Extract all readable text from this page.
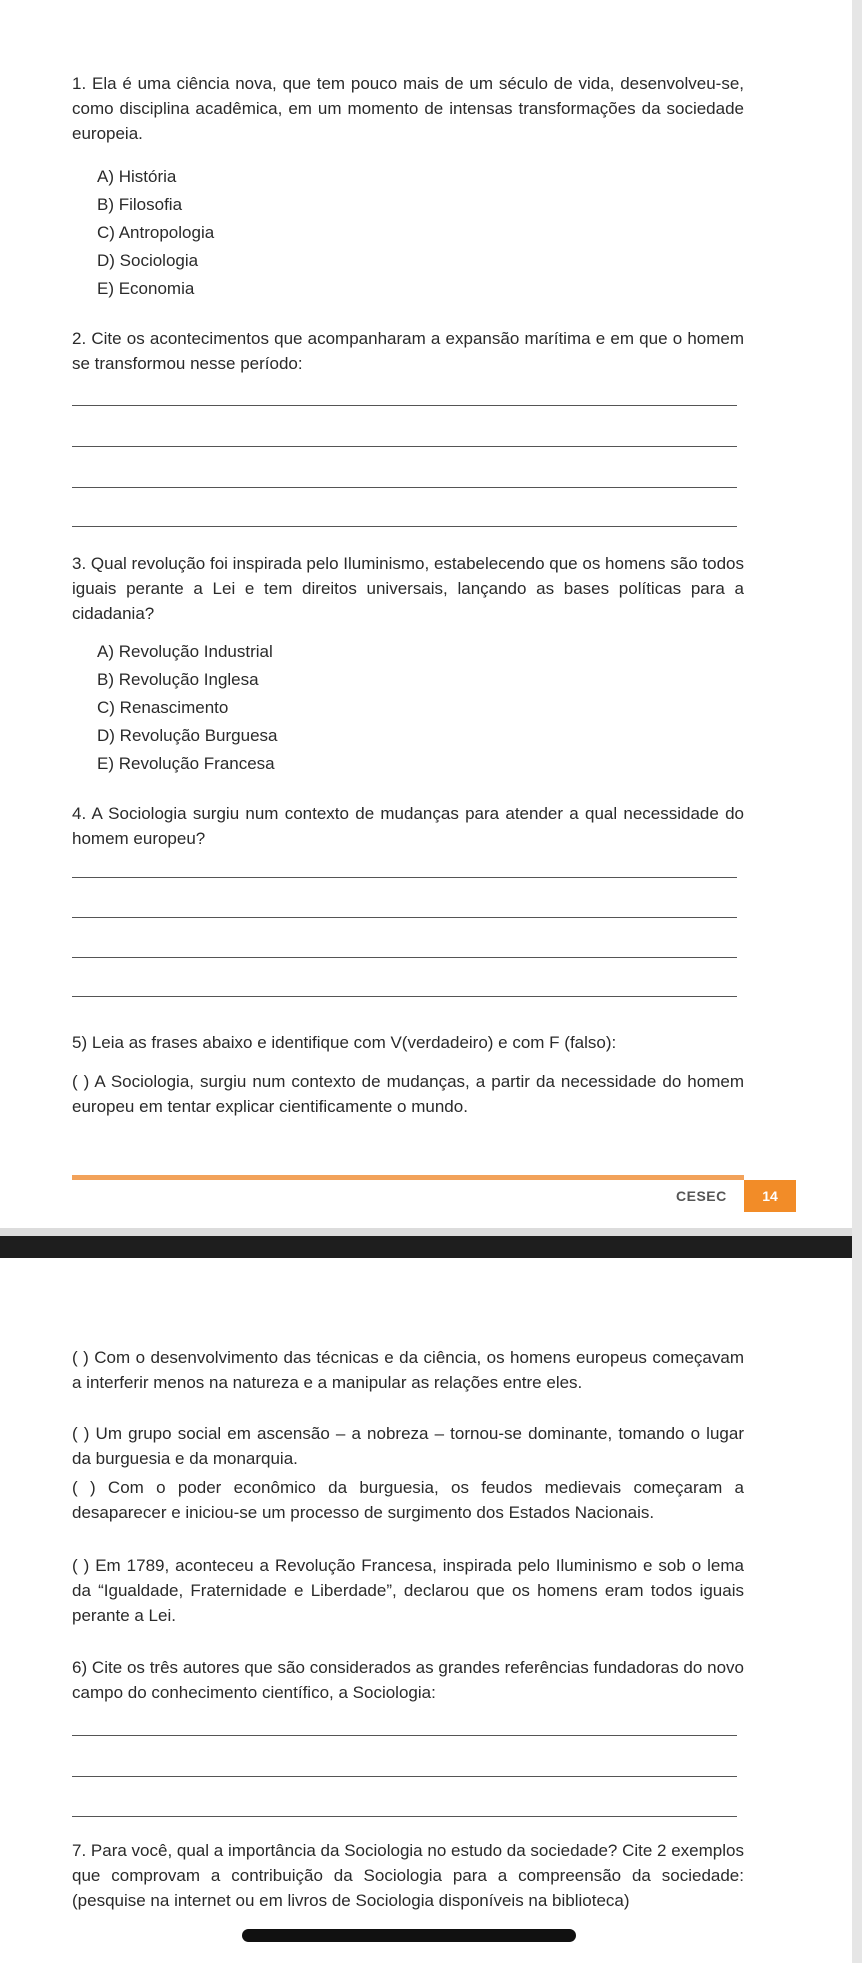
1. Ela é uma ciência nova, que tem pouco mais de um século de vida, desenvolveu-se, como disciplina acadêmica, em um momento de intensas transformações da sociedade europeia.
A) História
B) Filosofia
C) Antropologia
D) Sociologia
E) Economia
2. Cite os acontecimentos que acompanharam a expansão marítima e em que o homem se transformou nesse período:
3. Qual revolução foi inspirada pelo Iluminismo, estabelecendo que os homens são todos iguais perante a Lei e tem direitos universais, lançando as bases políticas para a cidadania?
A) Revolução Industrial
B) Revolução Inglesa
C) Renascimento
D) Revolução Burguesa
E) Revolução Francesa
4. A Sociologia surgiu num contexto de mudanças para atender a qual necessidade do homem europeu?
5) Leia as frases abaixo e identifique com V(verdadeiro) e com F (falso):
( ) A Sociologia, surgiu num contexto de mudanças, a partir da necessidade do homem europeu em tentar explicar cientificamente o mundo.
CESEC	14
( ) Com o desenvolvimento das técnicas e da ciência, os homens europeus começavam a interferir menos na natureza e a manipular as relações entre eles.
( ) Um grupo social em ascensão – a nobreza – tornou-se dominante, tomando o lugar da burguesia e da monarquia.
( ) Com o poder econômico da burguesia, os feudos medievais começaram a desaparecer e iniciou-se um processo de surgimento dos Estados Nacionais.
( ) Em 1789, aconteceu a Revolução Francesa, inspirada pelo Iluminismo e sob o lema da “Igualdade, Fraternidade e Liberdade”, declarou que os homens eram todos iguais perante a Lei.
6) Cite os três autores que são considerados as grandes referências fundadoras do novo campo do conhecimento científico, a Sociologia:
7. Para você, qual a importância da Sociologia no estudo da sociedade? Cite 2 exemplos que comprovam a contribuição da Sociologia para a compreensão da sociedade: (pesquise na internet ou em livros de Sociologia disponíveis na biblioteca)
